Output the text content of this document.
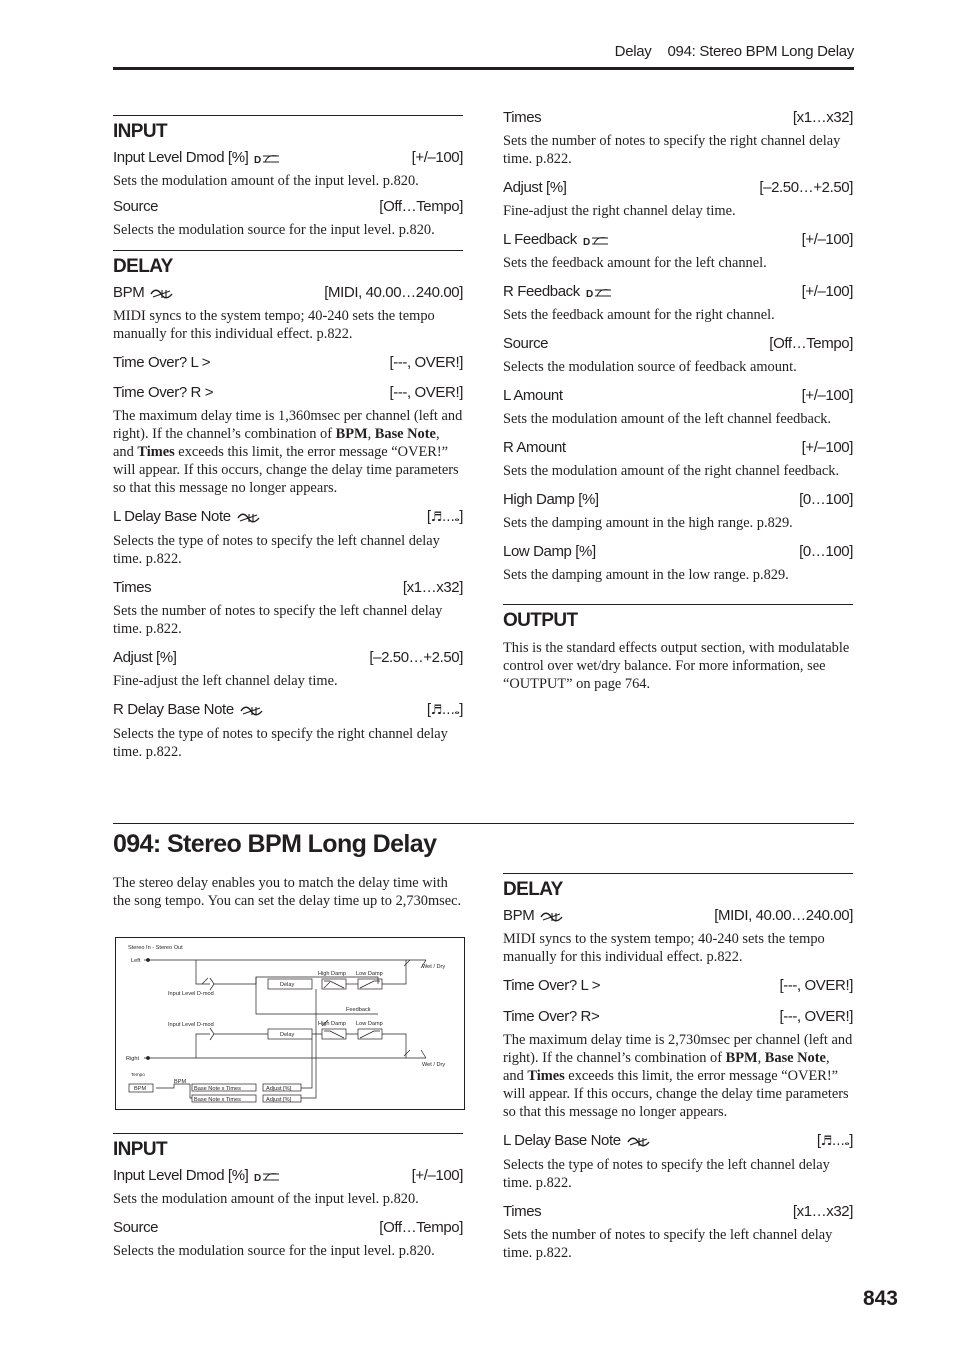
Delay 094: Stereo BPM Long Delay
INPUT
Input Level Dmod [%]	[+/–100]
Sets the modulation amount of the input level. p.820.
Source	[Off…Tempo]
Selects the modulation source for the input level. p.820.
DELAY
BPM	[MIDI, 40.00…240.00]
MIDI syncs to the system tempo; 40-240 sets the tempo manually for this individual effect. p.822.
Time Over? L >	[---, OVER!]
Time Over? R >	[---, OVER!]
The maximum delay time is 1,360msec per channel (left and right). If the channel’s combination of BPM, Base Note, and Times exceeds this limit, the error message “OVER!” will appear. If this occurs, change the delay time parameters so that this message no longer appears.
L Delay Base Note	[♬…𝅝]
Selects the type of notes to specify the left channel delay time. p.822.
Times	[x1…x32]
Sets the number of notes to specify the left channel delay time. p.822.
Adjust [%]	[–2.50…+2.50]
Fine-adjust the left channel delay time.
R Delay Base Note	[♬…𝅝]
Selects the type of notes to specify the right channel delay time. p.822.
Times	[x1…x32]
Sets the number of notes to specify the right channel delay time. p.822.
Adjust [%]	[–2.50…+2.50]
Fine-adjust the right channel delay time.
L Feedback	[+/–100]
Sets the feedback amount for the left channel.
R Feedback	[+/–100]
Sets the feedback amount for the right channel.
Source	[Off…Tempo]
Selects the modulation source of feedback amount.
L Amount	[+/–100]
Sets the modulation amount of the left channel feedback.
R Amount	[+/–100]
Sets the modulation amount of the right channel feedback.
High Damp [%]	[0…100]
Sets the damping amount in the high range. p.829.
Low Damp [%]	[0…100]
Sets the damping amount in the low range. p.829.
OUTPUT
This is the standard effects output section, with modulatable control over wet/dry balance. For more information, see “OUTPUT” on page 764.
094: Stereo BPM Long Delay
The stereo delay enables you to match the delay time with the song tempo. You can set the delay time up to 2,730msec.
Stereo In - Stereo Out
Left
Right
Input Level D-mod
Input Level D-mod
Delay
Delay
High Damp Low Damp
High Damp Low Damp
Feedback
Wet / Dry
Wet / Dry
Tempo
BPM
BPM
Base Note x Times
Base Note x Times
Adjust [%]
Adjust [%]
INPUT
Input Level Dmod [%]	[+/–100]
Sets the modulation amount of the input level. p.820.
Source	[Off…Tempo]
Selects the modulation source for the input level. p.820.
DELAY
BPM	[MIDI, 40.00…240.00]
MIDI syncs to the system tempo; 40-240 sets the tempo manually for this individual effect. p.822.
Time Over? L >	[---, OVER!]
Time Over? R>	[---, OVER!]
The maximum delay time is 2,730msec per channel (left and right). If the channel’s combination of BPM, Base Note, and Times exceeds this limit, the error message “OVER!” will appear. If this occurs, change the delay time parameters so that this message no longer appears.
L Delay Base Note	[♬…𝅝]
Selects the type of notes to specify the left channel delay time. p.822.
Times	[x1…x32]
Sets the number of notes to specify the left channel delay time. p.822.
843
